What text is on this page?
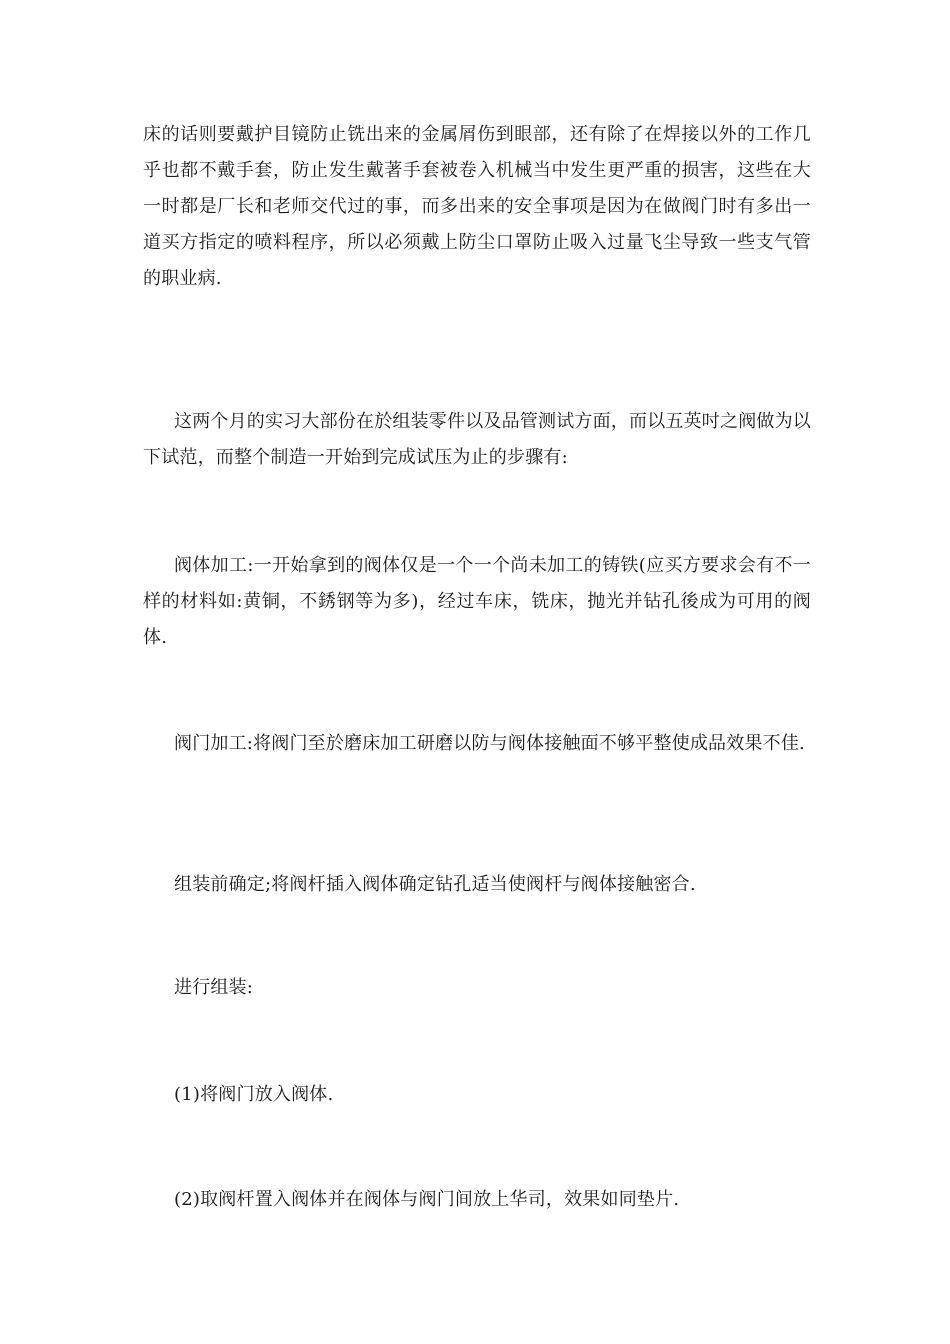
床的话则要戴护目镜防止铣出来的金属屑伤到眼部，还有除了在焊接以外的工作几乎也都不戴手套，防止发生戴著手套被卷入机械当中发生更严重的损害，这些在大一时都是厂长和老师交代过的事，而多出来的安全事项是因为在做阀门时有多出一道买方指定的喷料程序，所以必须戴上防尘口罩防止吸入过量飞尘导致一些支气管的职业病.

这两个月的实习大部份在於组装零件以及品管测试方面，而以五英吋之阀做为以下试范，而整个制造一开始到完成试压为止的步骤有:

阀体加工:一开始拿到的阀体仅是一个一个尚未加工的铸铁(应买方要求会有不一样的材料如:黄铜，不銹钢等为多)，经过车床，铣床，抛光并钻孔後成为可用的阀体.

阀门加工:将阀门至於磨床加工研磨以防与阀体接触面不够平整使成品效果不佳.

组装前确定;将阀杆插入阀体确定钻孔适当使阀杆与阀体接触密合.

进行组装:

(1)将阀门放入阀体.

(2)取阀杆置入阀体并在阀体与阀门间放上华司，效果如同垫片.
